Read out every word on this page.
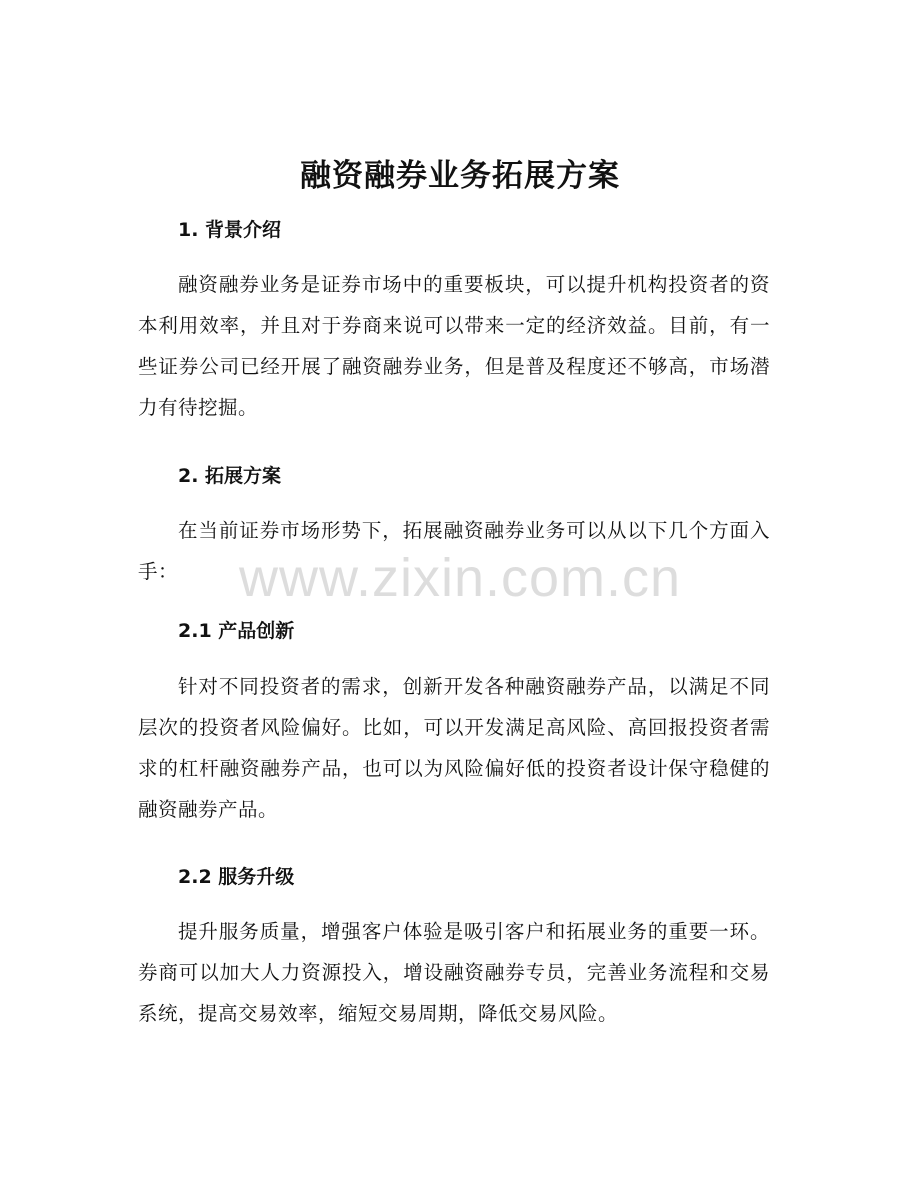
融资融券业务拓展方案
1. 背景介绍
融资融券业务是证券市场中的重要板块，可以提升机构投资者的资本利用效率，并且对于券商来说可以带来一定的经济效益。目前，有一些证券公司已经开展了融资融券业务，但是普及程度还不够高，市场潜力有待挖掘。
2. 拓展方案
在当前证券市场形势下，拓展融资融券业务可以从以下几个方面入手：
2.1 产品创新
针对不同投资者的需求，创新开发各种融资融券产品，以满足不同层次的投资者风险偏好。比如，可以开发满足高风险、高回报投资者需求的杠杆融资融券产品，也可以为风险偏好低的投资者设计保守稳健的融资融券产品。
2.2 服务升级
提升服务质量，增强客户体验是吸引客户和拓展业务的重要一环。券商可以加大人力资源投入，增设融资融券专员，完善业务流程和交易系统，提高交易效率，缩短交易周期，降低交易风险。
www.zixin.com.cn
